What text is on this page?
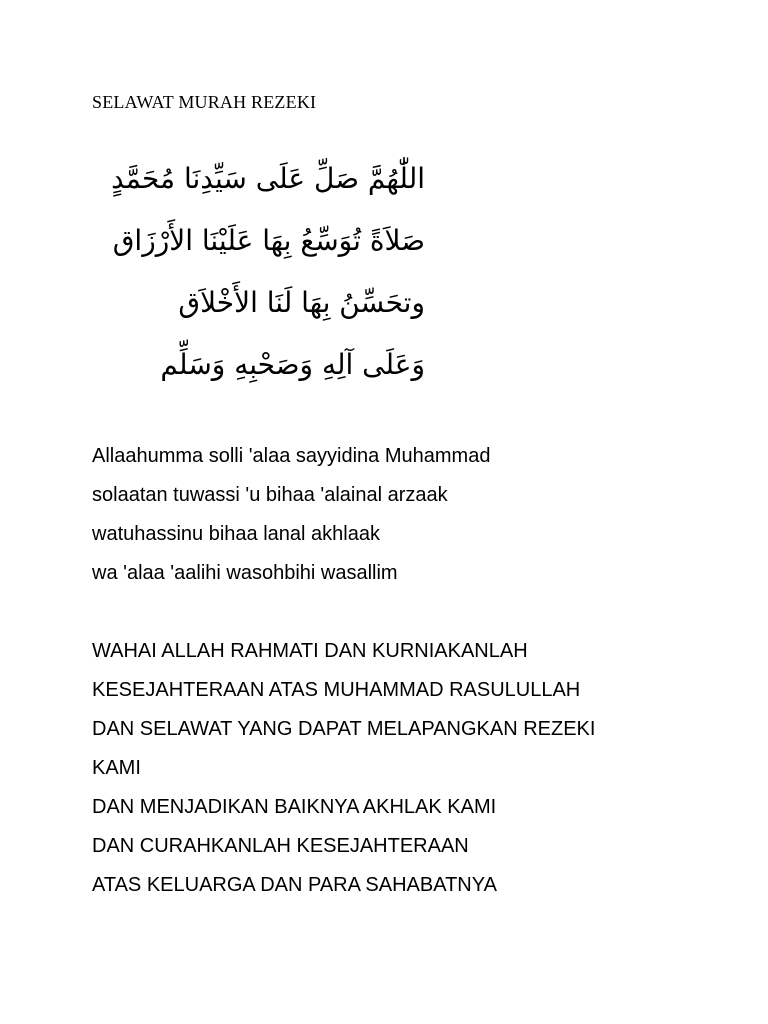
SELAWAT MURAH REZEKI

اللّٰهُمَّ صَلِّ عَلَى سَيِّدِنَا مُحَمَّدٍ

صَلاَةً تُوَسِّعُ بِهَا عَلَيْنَا الأَرْزَاق

وتحَسِّنُ بِهَا لَنَا الأَخْلاَق

وَعَلَى آلِهِ وَصَحْبِهِ وَسَلِّم

Allaahumma solli 'alaa sayyidina Muhammad

solaatan tuwassi 'u bihaa 'alainal arzaak

watuhassinu bihaa lanal akhlaak

wa 'alaa 'aalihi wasohbihi wasallim

WAHAI ALLAH RAHMATI DAN KURNIAKANLAH

KESEJAHTERAAN ATAS MUHAMMAD RASULULLAH

DAN SELAWAT YANG DAPAT MELAPANGKAN REZEKI

KAMI

DAN MENJADIKAN BAIKNYA AKHLAK KAMI

DAN CURAHKANLAH KESEJAHTERAAN

ATAS KELUARGA DAN PARA SAHABATNYA
